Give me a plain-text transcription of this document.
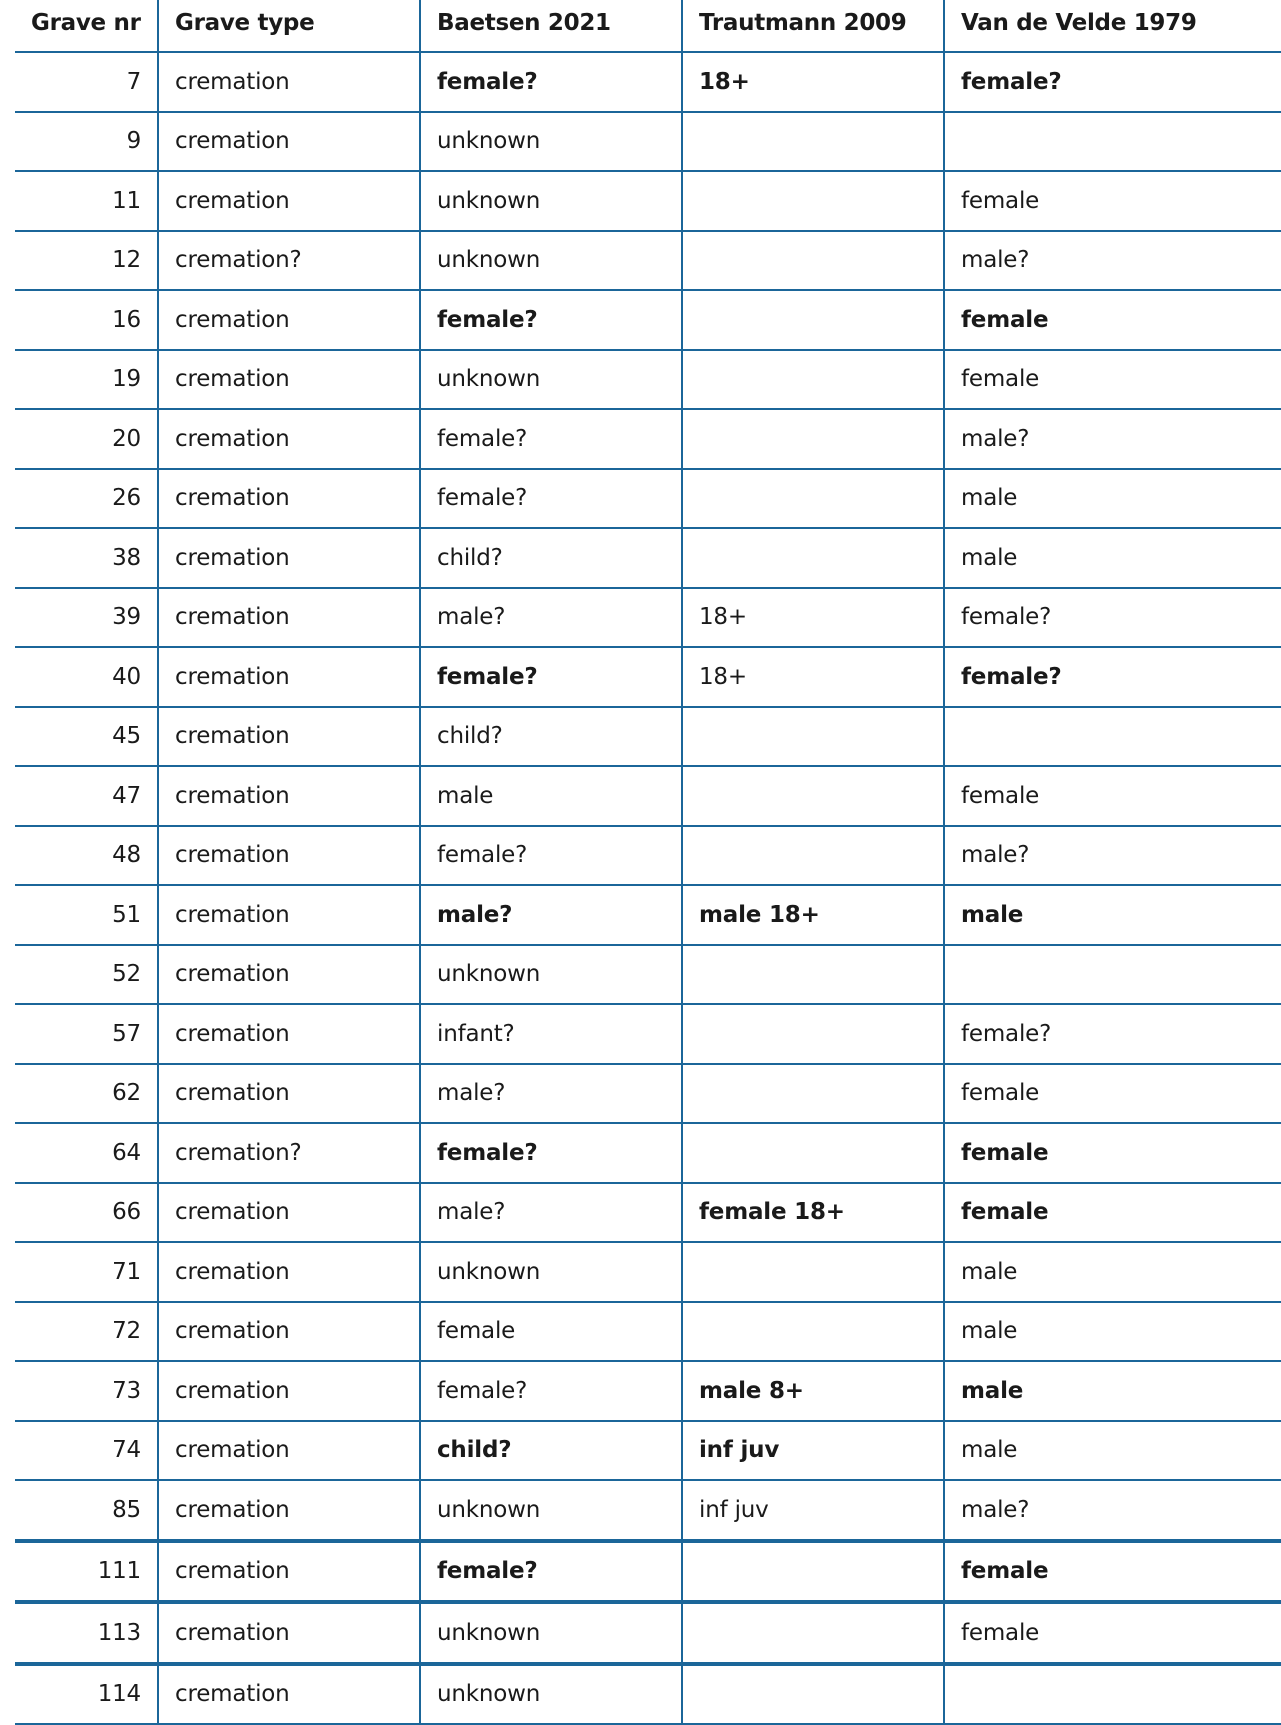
Grave nr	Grave type	Baetsen 2021	Trautmann 2009	Van de Velde 1979
7	cremation	female?	18+	female?
9	cremation	unknown		
11	cremation	unknown		female
12	cremation?	unknown		male?
16	cremation	female?		female
19	cremation	unknown		female
20	cremation	female?		male?
26	cremation	female?		male
38	cremation	child?		male
39	cremation	male?	18+	female?
40	cremation	female?	18+	female?
45	cremation	child?		
47	cremation	male		female
48	cremation	female?		male?
51	cremation	male?	male 18+	male
52	cremation	unknown		
57	cremation	infant?		female?
62	cremation	male?		female
64	cremation?	female?		female
66	cremation	male?	female 18+	female
71	cremation	unknown		male
72	cremation	female		male
73	cremation	female?	male 8+	male
74	cremation	child?	inf juv	male
85	cremation	unknown	inf juv	male?
111	cremation	female?		female
113	cremation	unknown		female
114	cremation	unknown		
